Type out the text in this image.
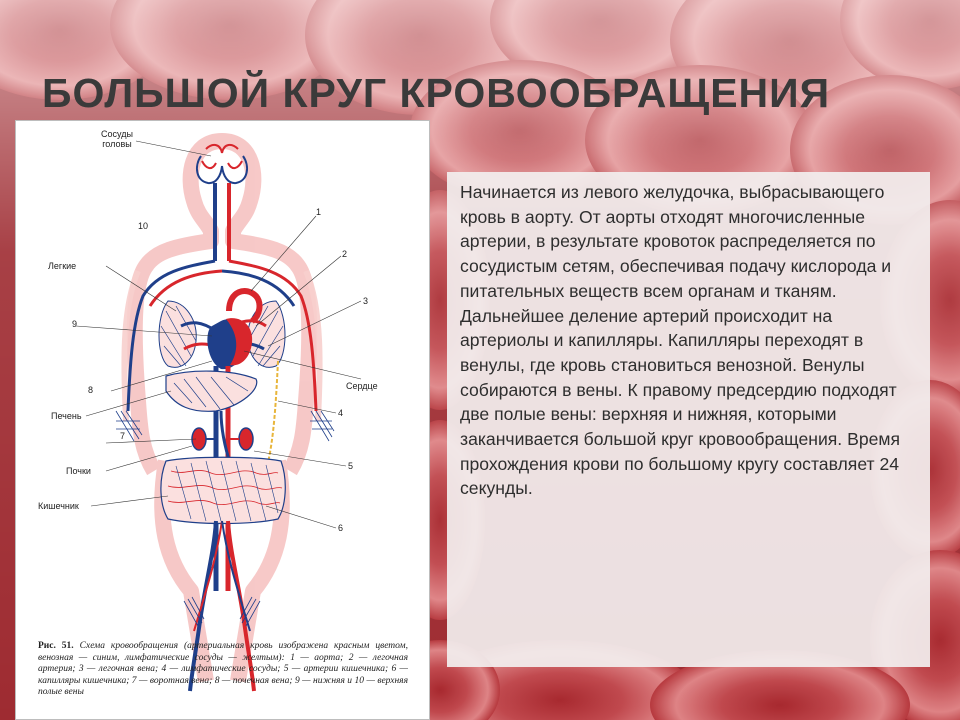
БОЛЬШОЙ КРУГ КРОВООБРАЩЕНИЯ
Сосуды
головы
10
Легкие
9
8
Печень
7
Почки
Кишечник
1
2
3
Сердце
4
5
6
Рис. 51. Схема кровообращения (артериальная кровь изображена красным цветом, венозная — синим, лимфатические сосуды — желтым): 1 — аорта; 2 — легочная артерия; 3 — легочная вена; 4 — лимфатические сосуды; 5 — артерии кишечника; 6 — капилляры кишечника; 7 — воротная вена; 8 — почечная вена; 9 — нижняя и 10 — верхняя полые вены

Начинается из левого желудочка, выбрасывающего кровь в аорту. От аорты отходят многочисленные артерии, в результате кровоток распределяется по сосудистым сетям, обеспечивая подачу кислорода и питательных веществ всем органам и тканям. Дальнейшее деление артерий происходит на артериолы и капилляры. Капилляры переходят в венулы, где кровь становиться венозной. Венулы собираются в вены. К правому предсердию подходят две полые вены: верхняя и нижняя, которыми заканчивается большой круг кровообращения. Время прохождения крови по большому кругу составляет 24 секунды.
